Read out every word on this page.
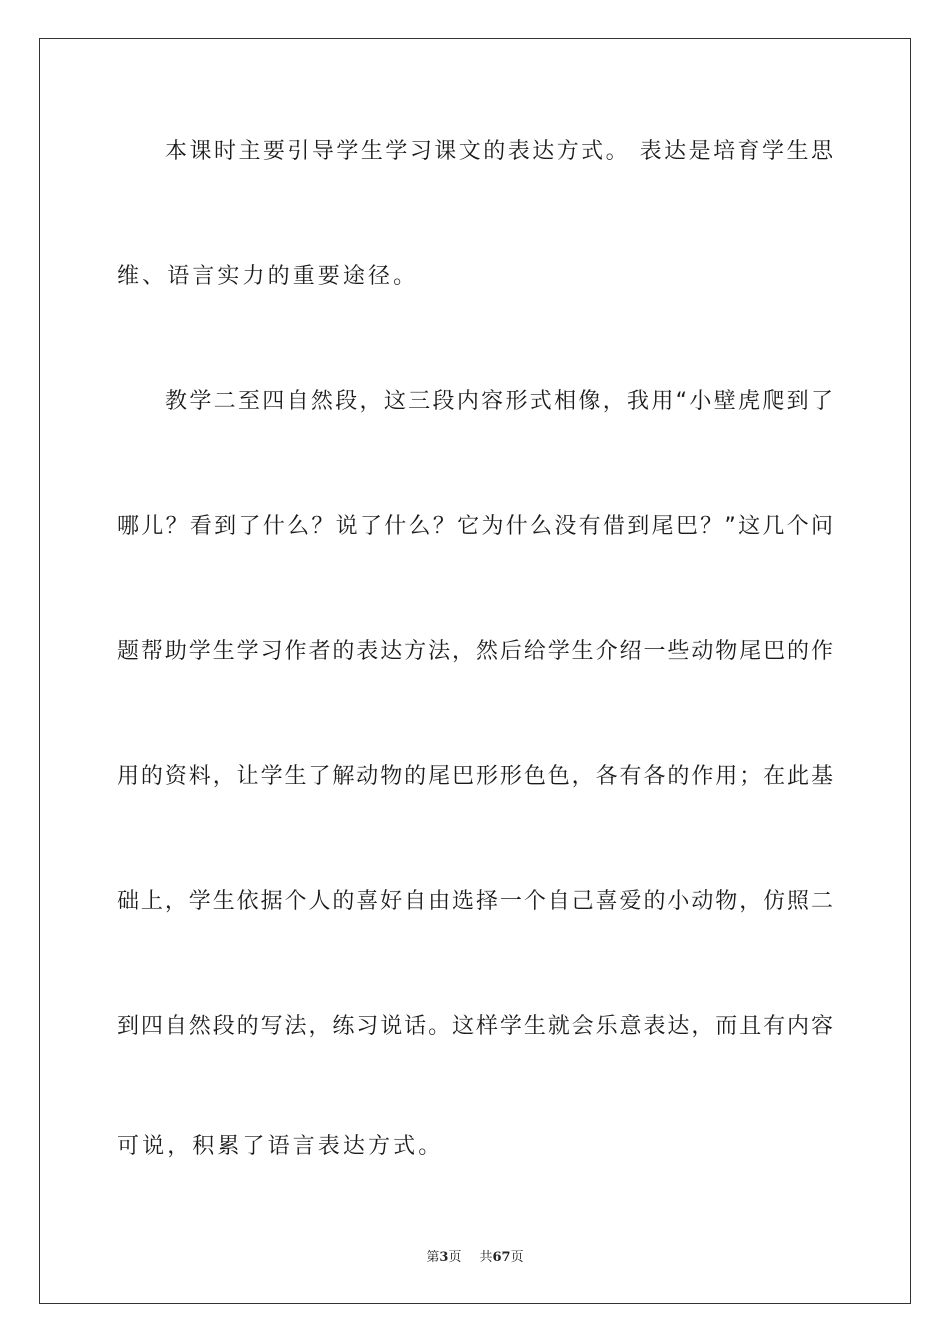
本课时主要引导学生学习课文的表达方式。 表达是培育学生思

维、语言实力的重要途径。

教学二至四自然段，这三段内容形式相像，我用“小壁虎爬到了

哪儿？看到了什么？说了什么？它为什么没有借到尾巴？”这几个问

题帮助学生学习作者的表达方法，然后给学生介绍一些动物尾巴的作

用的资料，让学生了解动物的尾巴形形色色，各有各的作用；在此基

础上，学生依据个人的喜好自由选择一个自己喜爱的小动物，仿照二

到四自然段的写法，练习说话。这样学生就会乐意表达，而且有内容

可说，积累了语言表达方式。

第3页 共67页
